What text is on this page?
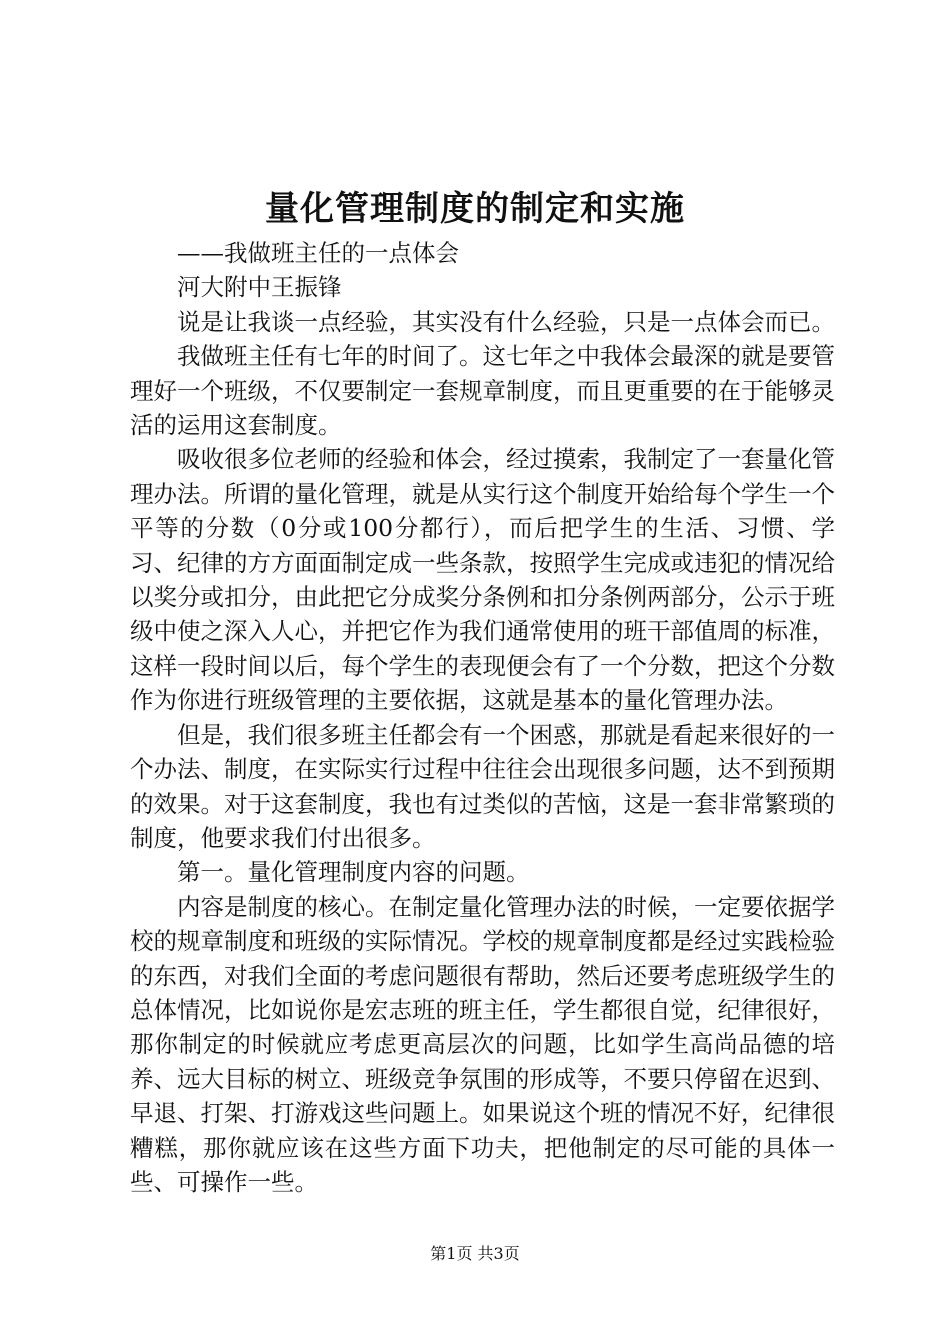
量化管理制度的制定和实施

——我做班主任的一点体会

河大附中王振锋

说是让我谈一点经验，其实没有什么经验，只是一点体会而已。

我做班主任有七年的时间了。这七年之中我体会最深的就是要管理好一个班级，不仅要制定一套规章制度，而且更重要的在于能够灵活的运用这套制度。

吸收很多位老师的经验和体会，经过摸索，我制定了一套量化管理办法。所谓的量化管理，就是从实行这个制度开始给每个学生一个平等的分数（0分或100分都行），而后把学生的生活、习惯、学习、纪律的方方面面制定成一些条款，按照学生完成或违犯的情况给以奖分或扣分，由此把它分成奖分条例和扣分条例两部分，公示于班级中使之深入人心，并把它作为我们通常使用的班干部值周的标准，这样一段时间以后，每个学生的表现便会有了一个分数，把这个分数作为你进行班级管理的主要依据，这就是基本的量化管理办法。

但是，我们很多班主任都会有一个困惑，那就是看起来很好的一个办法、制度，在实际实行过程中往往会出现很多问题，达不到预期的效果。对于这套制度，我也有过类似的苦恼，这是一套非常繁琐的制度，他要求我们付出很多。

第一。量化管理制度内容的问题。

内容是制度的核心。在制定量化管理办法的时候，一定要依据学校的规章制度和班级的实际情况。学校的规章制度都是经过实践检验的东西，对我们全面的考虑问题很有帮助，然后还要考虑班级学生的总体情况，比如说你是宏志班的班主任，学生都很自觉，纪律很好，那你制定的时候就应考虑更高层次的问题，比如学生高尚品德的培养、远大目标的树立、班级竞争氛围的形成等，不要只停留在迟到、早退、打架、打游戏这些问题上。如果说这个班的情况不好，纪律很糟糕，那你就应该在这些方面下功夫，把他制定的尽可能的具体一些、可操作一些。

第1页 共3页
